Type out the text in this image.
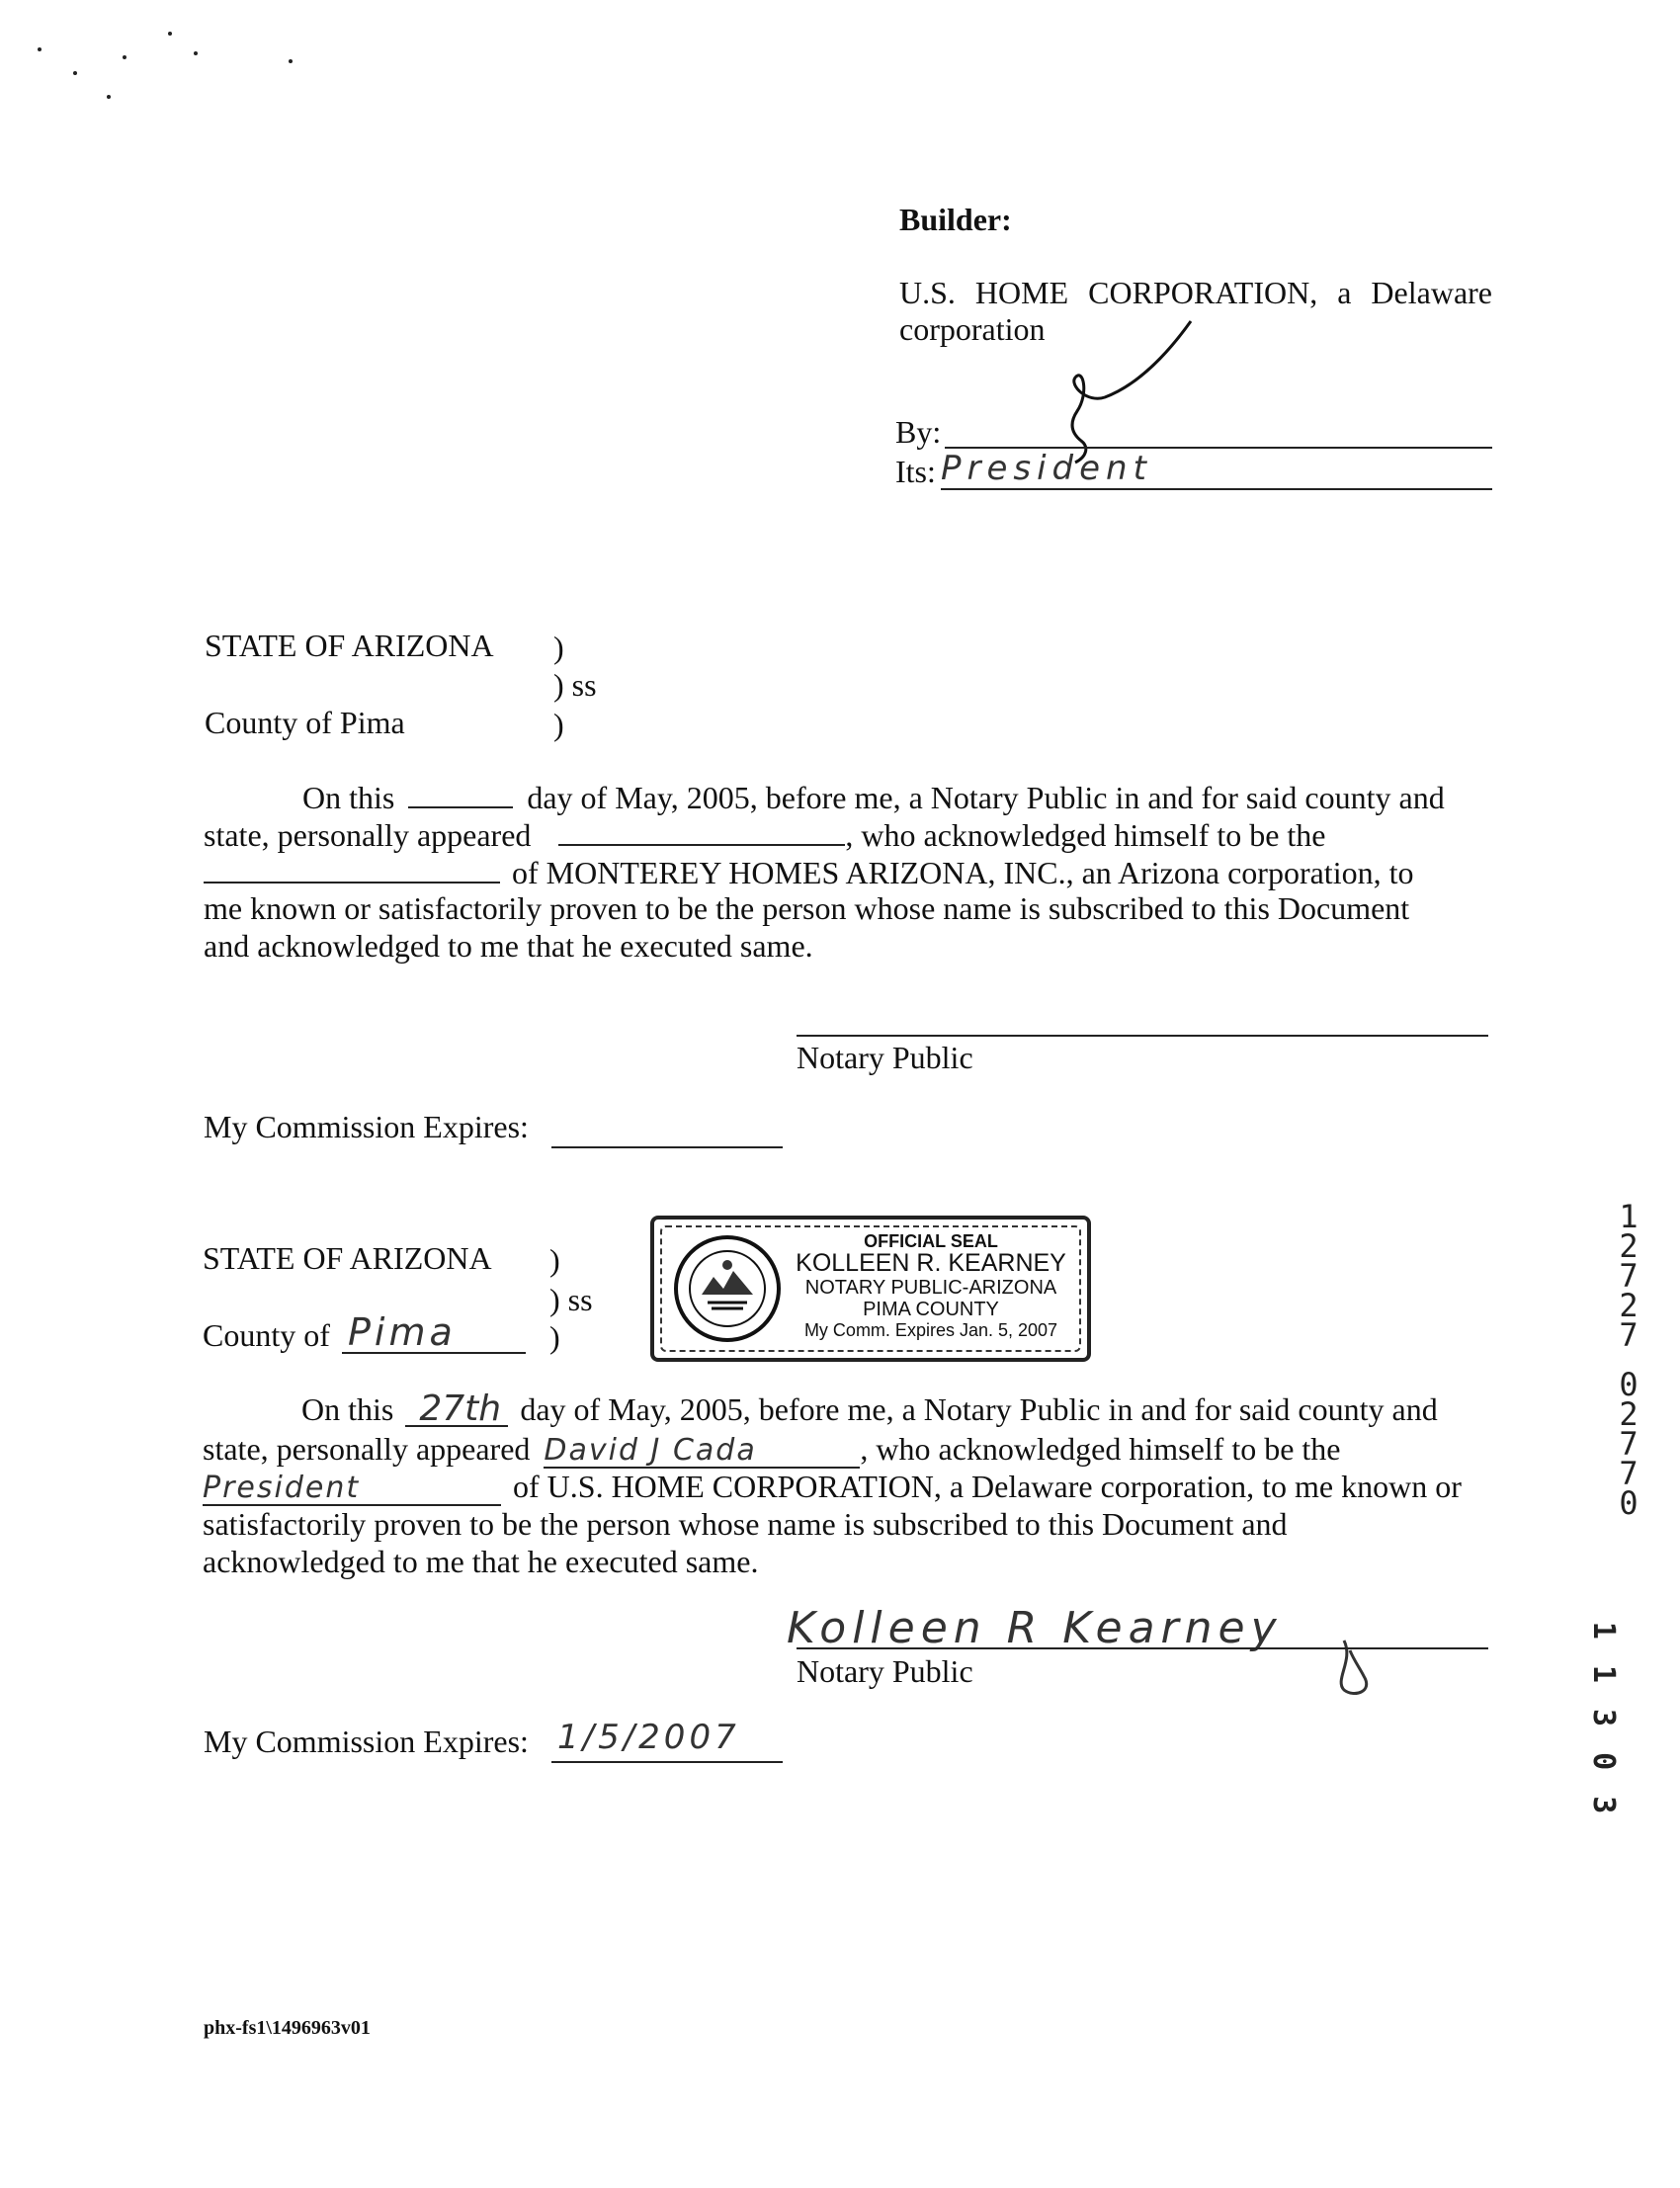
Builder:
U.S. HOME CORPORATION, a Delaware
corporation
By:
Its: President
STATE OF ARIZONA )
) ss
County of Pima	)
On this	day of May, 2005, before me, a Notary Public in and for said county and
state, personally appeared	, who acknowledged himself to be the
of MONTEREY HOMES ARIZONA, INC., an Arizona corporation, to
me known or satisfactorily proven to be the person whose name is subscribed to this Document
and acknowledged to me that he executed same.
Notary Public
My Commission Expires:
OFFICIAL SEAL
KOLLEEN R. KEARNEY
NOTARY PUBLIC-ARIZONA
PIMA COUNTY
My Comm. Expires Jan. 5, 2007
STATE OF ARIZONA )
) ss
County of Pima	)
On this 27th day of May, 2005, before me, a Notary Public in and for said county and
state, personally appeared David J Cada	, who acknowledged himself to be the
President	of U.S. HOME CORPORATION, a Delaware corporation, to me known or
satisfactorily proven to be the person whose name is subscribed to this Document and
acknowledged to me that he executed same.
Kolleen R Kearney
Notary Public
My Commission Expires: 1/5/2007
1
2
7
2
7
0
2
7
7
0
1 1 3 0 3
phx-fs1\1496963v01
